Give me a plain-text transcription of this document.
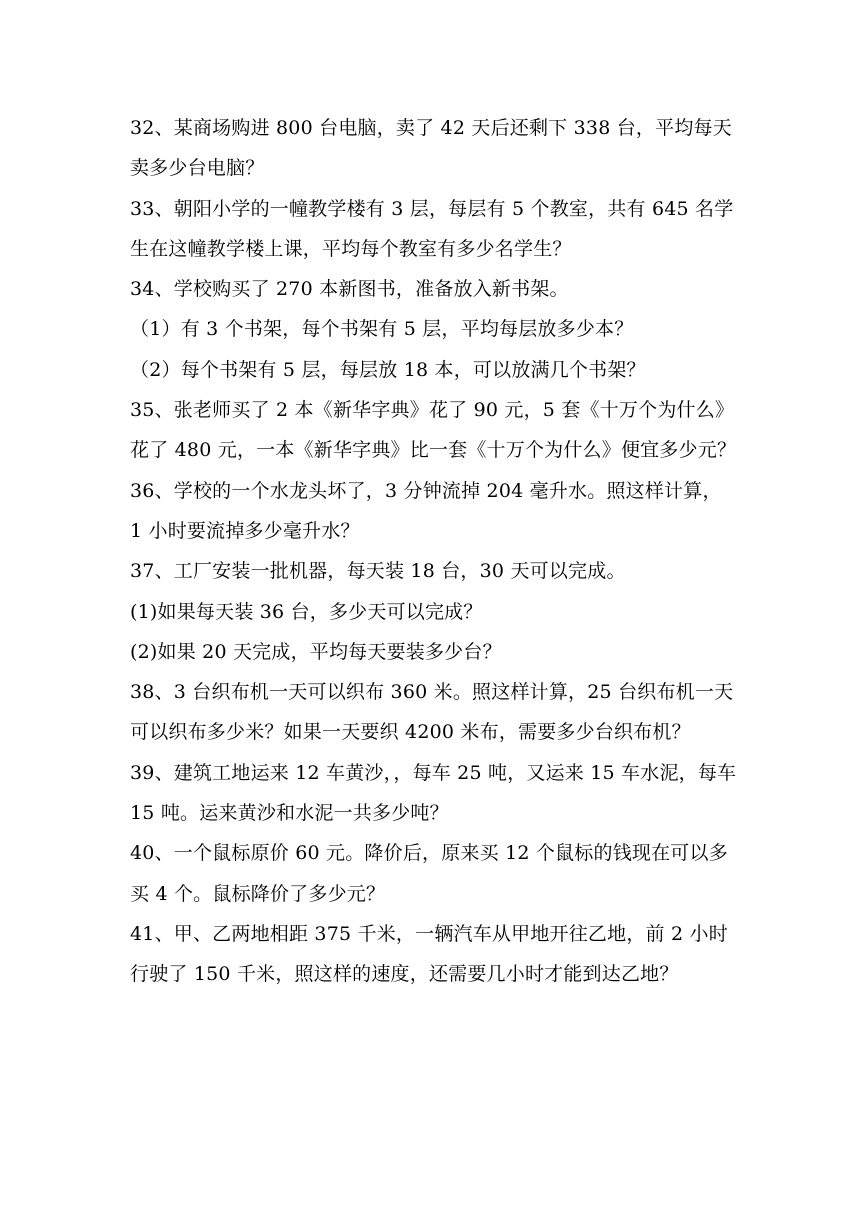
32、某商场购进 800 台电脑，卖了 42 天后还剩下 338 台，平均每天
卖多少台电脑？
33、朝阳小学的一幢教学楼有 3 层，每层有 5 个教室，共有 645 名学
生在这幢教学楼上课，平均每个教室有多少名学生？
34、学校购买了 270 本新图书，准备放入新书架。
（1）有 3 个书架，每个书架有 5 层，平均每层放多少本？
（2）每个书架有 5 层，每层放 18 本，可以放满几个书架？
35、张老师买了 2 本《新华字典》花了 90 元，5 套《十万个为什么》
花了 480 元，一本《新华字典》比一套《十万个为什么》便宜多少元？
36、学校的一个水龙头坏了，3 分钟流掉 204 毫升水。照这样计算，
1 小时要流掉多少毫升水？
37、工厂安装一批机器，每天装 18 台，30 天可以完成。
(1)如果每天装 36 台，多少天可以完成？
(2)如果 20 天完成，平均每天要装多少台？
38、3 台织布机一天可以织布 360 米。照这样计算，25 台织布机一天
可以织布多少米？如果一天要织 4200 米布，需要多少台织布机？
39、建筑工地运来 12 车黄沙，，每车 25 吨，又运来 15 车水泥，每车
15 吨。运来黄沙和水泥一共多少吨？
40、一个鼠标原价 60 元。降价后，原来买 12 个鼠标的钱现在可以多
买 4 个。鼠标降价了多少元？
41、甲、乙两地相距 375 千米，一辆汽车从甲地开往乙地，前 2 小时
行驶了 150 千米，照这样的速度，还需要几小时才能到达乙地？
